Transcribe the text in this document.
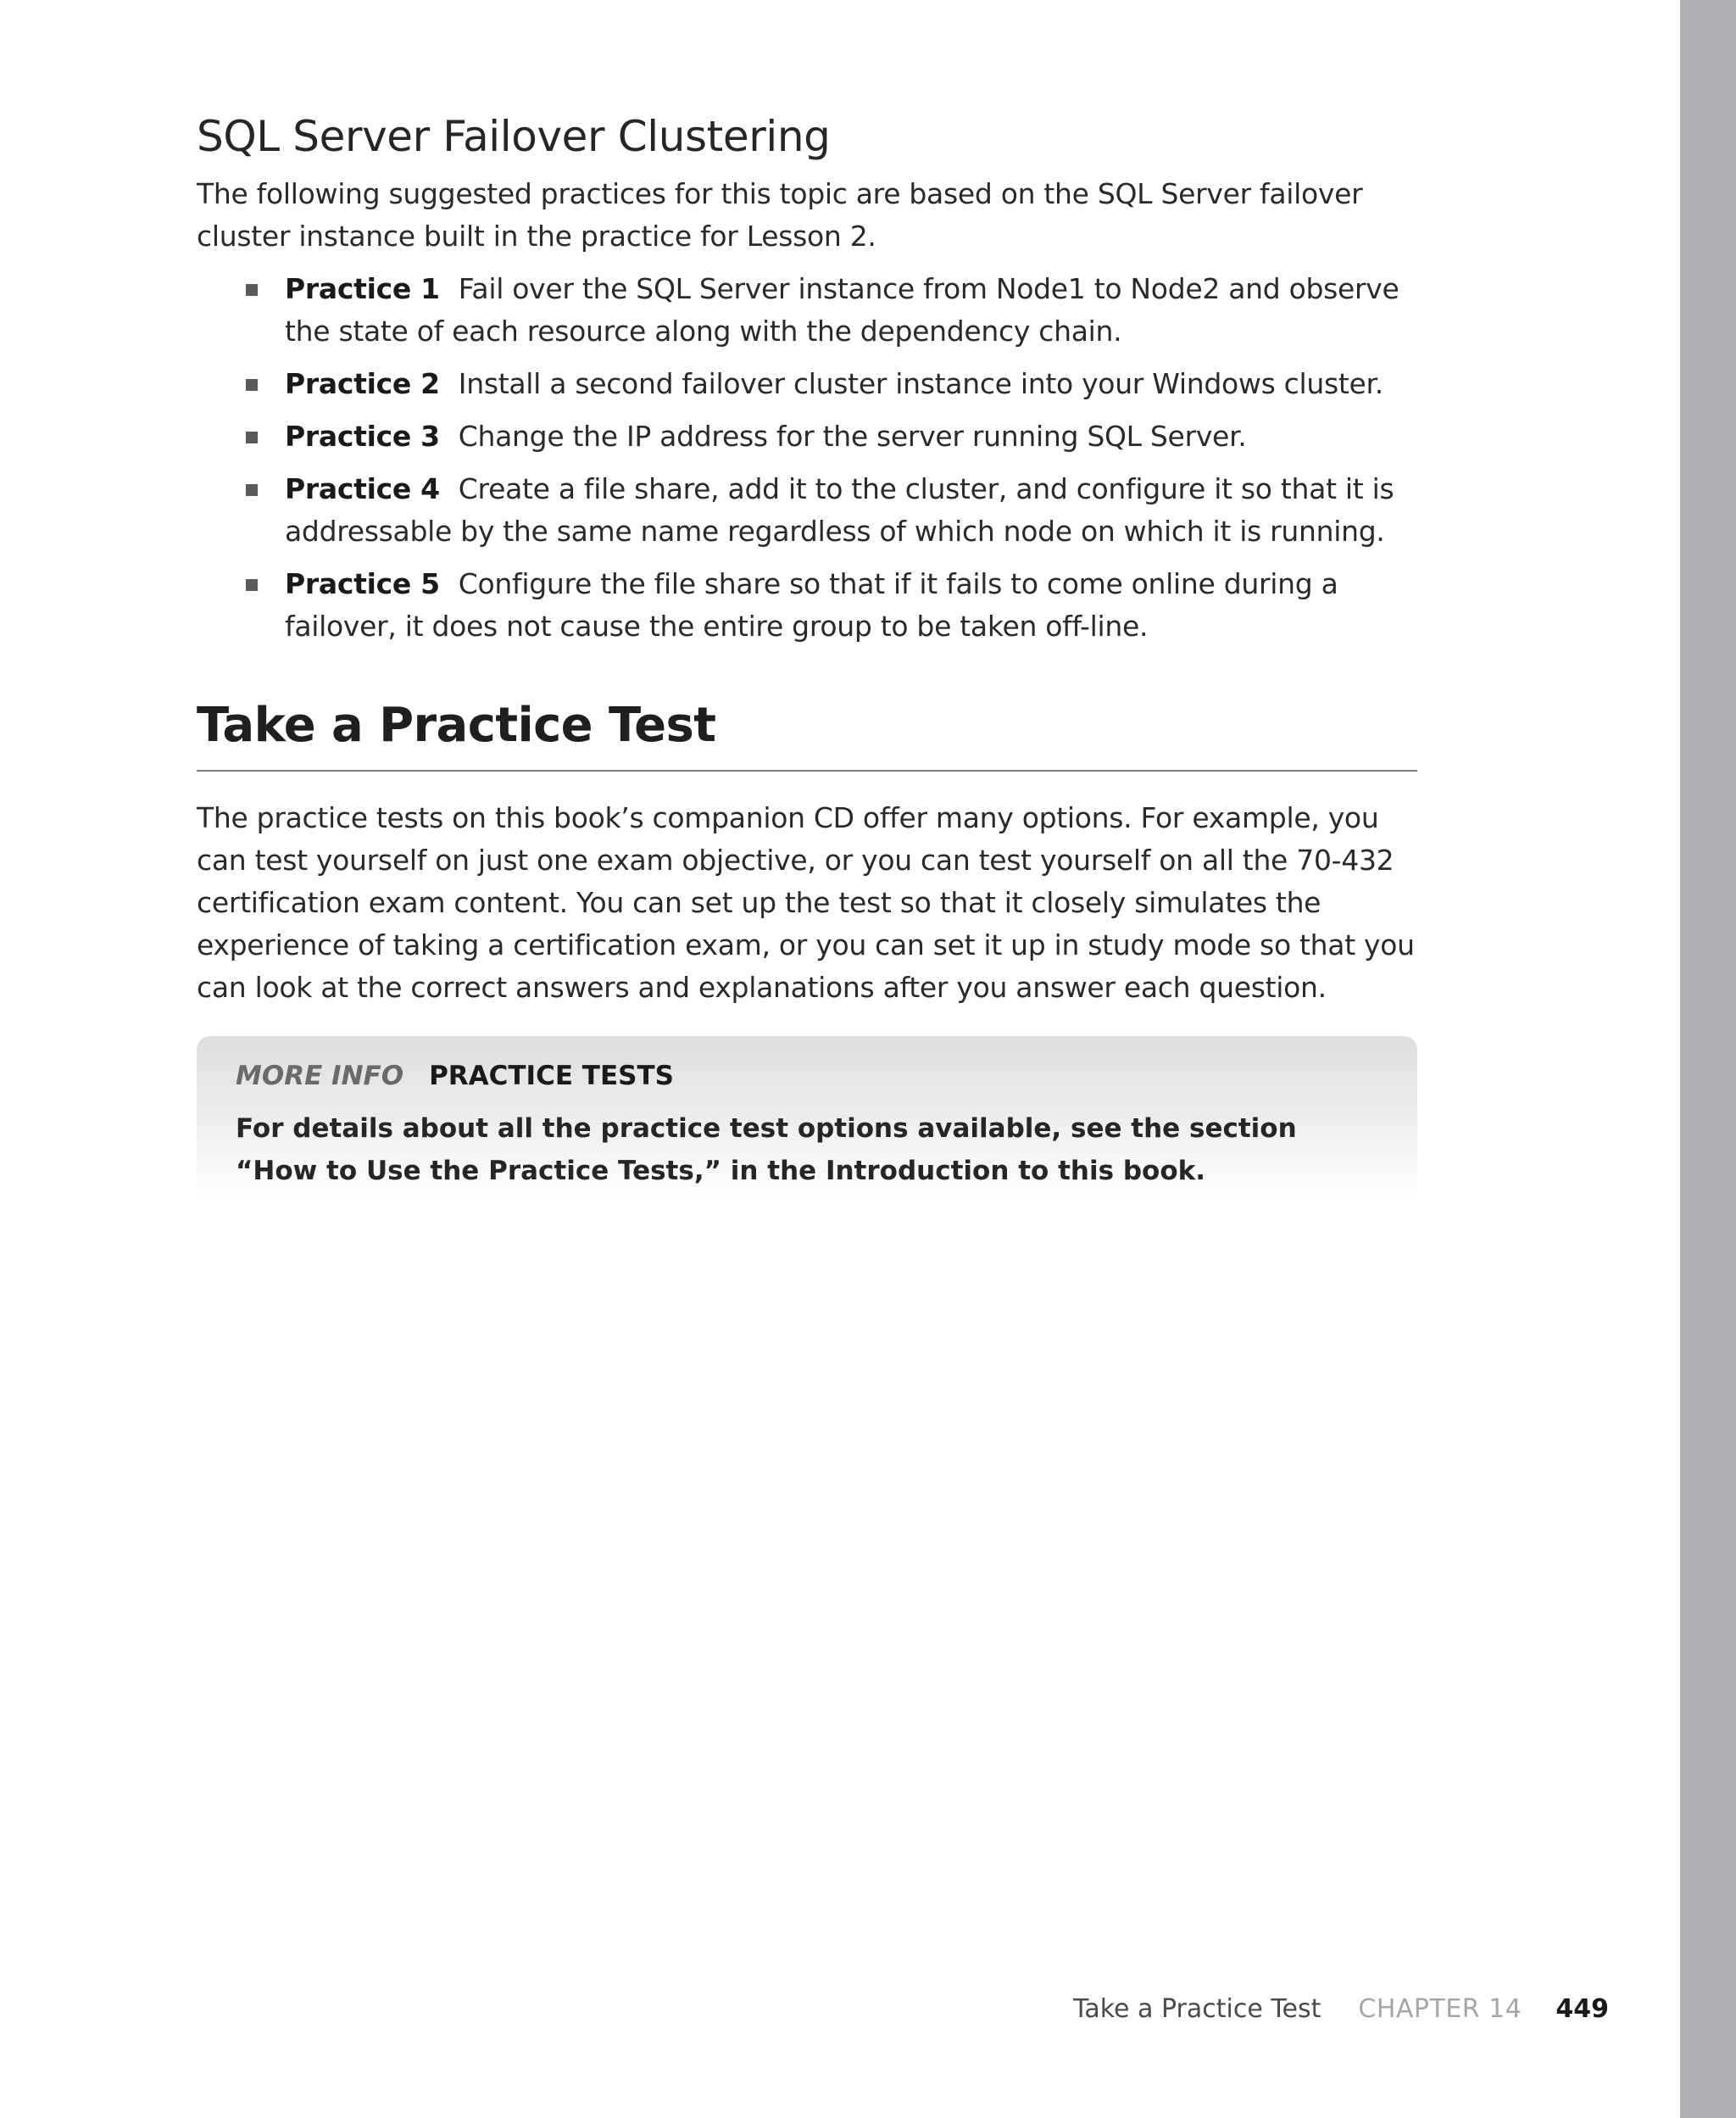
SQL Server Failover Clustering

The following suggested practices for this topic are based on the SQL Server failover cluster instance built in the practice for Lesson 2.

Practice 1 Fail over the SQL Server instance from Node1 to Node2 and observe the state of each resource along with the dependency chain.
Practice 2 Install a second failover cluster instance into your Windows cluster.
Practice 3 Change the IP address for the server running SQL Server.
Practice 4 Create a file share, add it to the cluster, and configure it so that it is addressable by the same name regardless of which node on which it is running.
Practice 5 Configure the file share so that if it fails to come online during a failover, it does not cause the entire group to be taken off-line.
Take a Practice Test

The practice tests on this book’s companion CD offer many options. For example, you can test yourself on just one exam objective, or you can test yourself on all the 70-432 certification exam content. You can set up the test so that it closely simulates the experience of taking a certification exam, or you can set it up in study mode so that you can look at the correct answers and explanations after you answer each question.

MORE INFO PRACTICE TESTS
For details about all the practice test options available, see the section “How to Use the Practice Tests,” in the Introduction to this book.
Take a Practice Test CHAPTER 14 449
